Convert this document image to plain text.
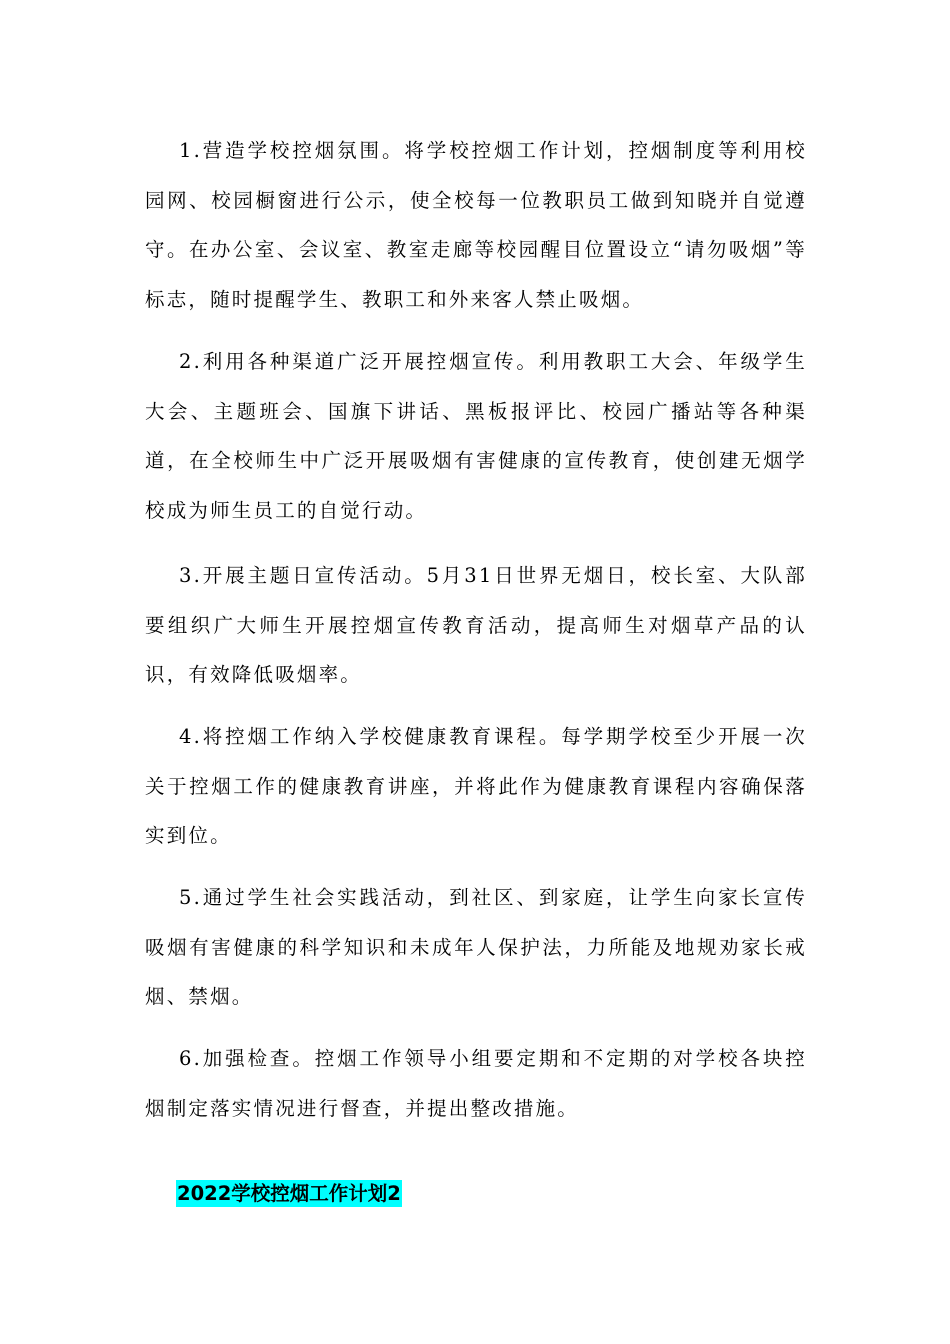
1.营造学校控烟氛围。将学校控烟工作计划，控烟制度等利用校园网、校园橱窗进行公示，使全校每一位教职员工做到知晓并自觉遵守。在办公室、会议室、教室走廊等校园醒目位置设立“请勿吸烟”等标志，随时提醒学生、教职工和外来客人禁止吸烟。

2.利用各种渠道广泛开展控烟宣传。利用教职工大会、年级学生大会、主题班会、国旗下讲话、黑板报评比、校园广播站等各种渠道，在全校师生中广泛开展吸烟有害健康的宣传教育，使创建无烟学校成为师生员工的自觉行动。

3.开展主题日宣传活动。5月31日世界无烟日，校长室、大队部要组织广大师生开展控烟宣传教育活动，提高师生对烟草产品的认识，有效降低吸烟率。

4.将控烟工作纳入学校健康教育课程。每学期学校至少开展一次关于控烟工作的健康教育讲座，并将此作为健康教育课程内容确保落实到位。

5.通过学生社会实践活动，到社区、到家庭，让学生向家长宣传吸烟有害健康的科学知识和未成年人保护法，力所能及地规劝家长戒烟、禁烟。

6.加强检查。控烟工作领导小组要定期和不定期的对学校各块控烟制定落实情况进行督查，并提出整改措施。

2022学校控烟工作计划2
